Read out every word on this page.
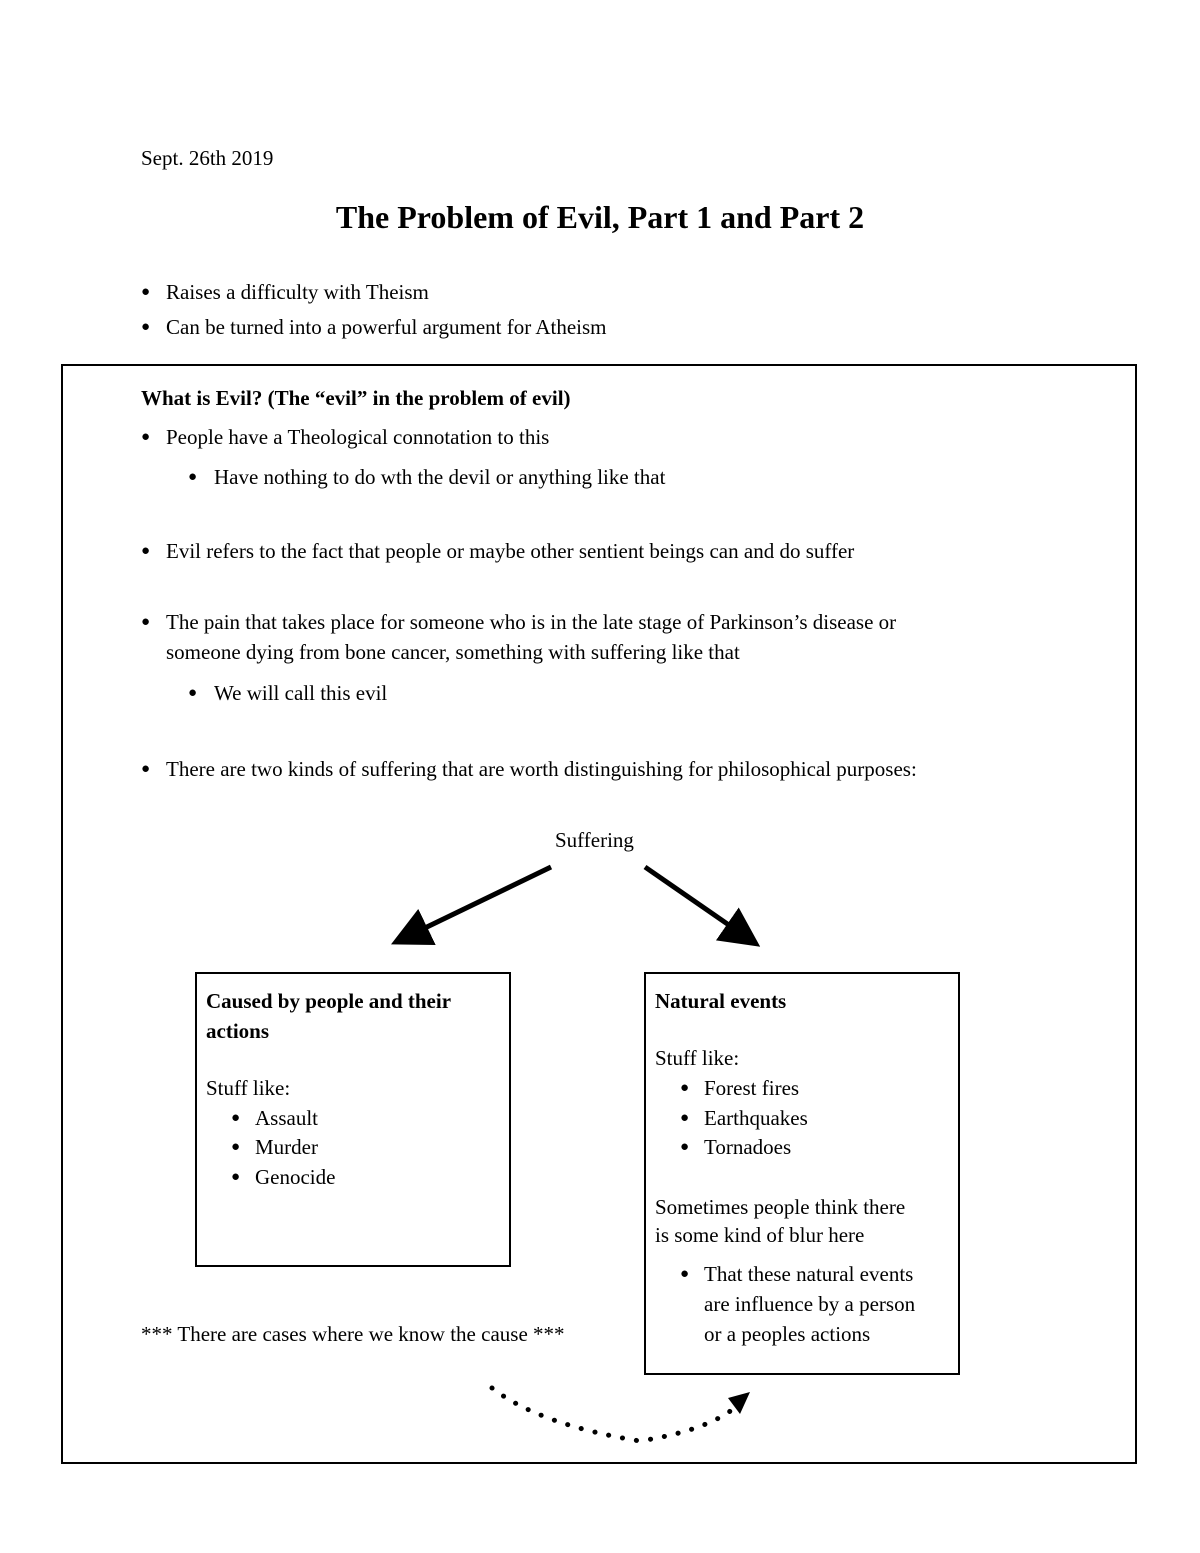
Sept. 26th 2019
The Problem of Evil, Part 1 and Part 2
● Raises a difficulty with Theism
● Can be turned into a powerful argument for Atheism
What is Evil? (The “evil” in the problem of evil)
● People have a Theological connotation to this
● Have nothing to do wth the devil or anything like that
● Evil refers to the fact that people or maybe other sentient beings can and do suffer
● The pain that takes place for someone who is in the late stage of Parkinson’s disease or
someone dying from bone cancer, something with suffering like that
● We will call this evil
● There are two kinds of suffering that are worth distinguishing for philosophical purposes:
Suffering
Caused by people and their
actions
Stuff like:
● Assault
● Murder
● Genocide
Natural events
Stuff like:
● Forest fires
● Earthquakes
● Tornadoes
Sometimes people think there
is some kind of blur here
● That these natural events
are influence by a person
or a peoples actions
*** There are cases where we know the cause ***
